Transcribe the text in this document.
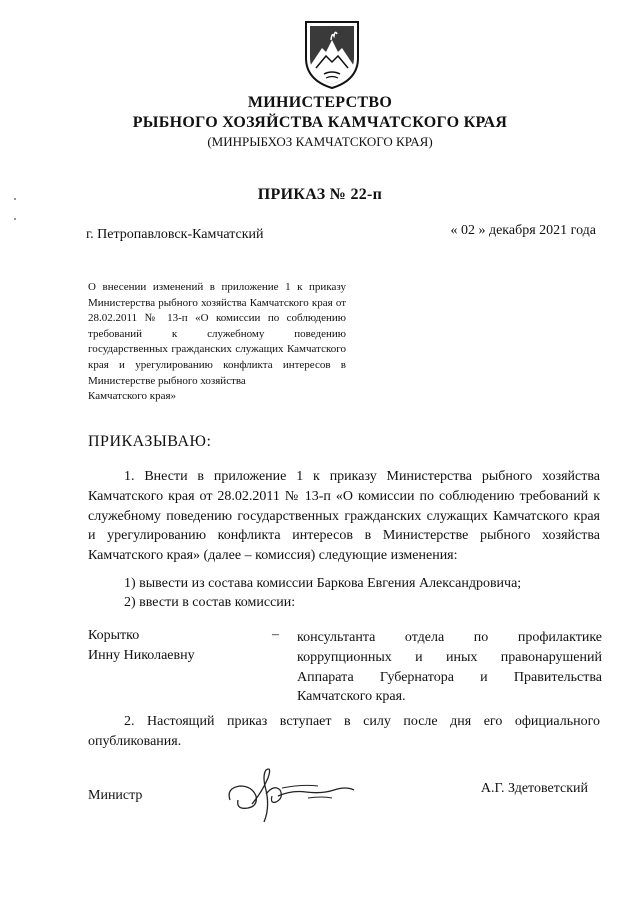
МИНИСТЕРСТВО
РЫБНОГО ХОЗЯЙСТВА КАМЧАТСКОГО КРАЯ
(МИНРЫБХОЗ КАМЧАТСКОГО КРАЯ)
ПРИКАЗ № 22-п
г. Петропавловск-Камчатский	« 02 » декабря 2021 года
О внесении изменений в приложение 1 к приказу Министерства рыбного хозяйства Камчатского края от 28.02.2011 № 13-п «О комиссии по соблюдению требований к служебному поведению государственных гражданских служащих Камчатского края и урегулированию конфликта интересов в Министерстве рыбного хозяйства
Камчатского края»
ПРИКАЗЫВАЮ:
1. Внести в приложение 1 к приказу Министерства рыбного хозяйства Камчатского края от 28.02.2011 № 13-п «О комиссии по соблюдению требований к служебному поведению государственных гражданских служащих Камчатского края и урегулированию конфликта интересов в Министерстве рыбного хозяйства Камчатского края» (далее – комиссия) следующие изменения:
1) вывести из состава комиссии Баркова Евгения Александровича;
2) ввести в состав комиссии:
Корытко
Инну Николаевну
– консультанта отдела по профилактике коррупционных и иных правонарушений Аппарата Губернатора и Правительства
Камчатского края.
2. Настоящий приказ вступает в силу после дня его официального опубликования.
Министр	А.Г. Здетоветский
